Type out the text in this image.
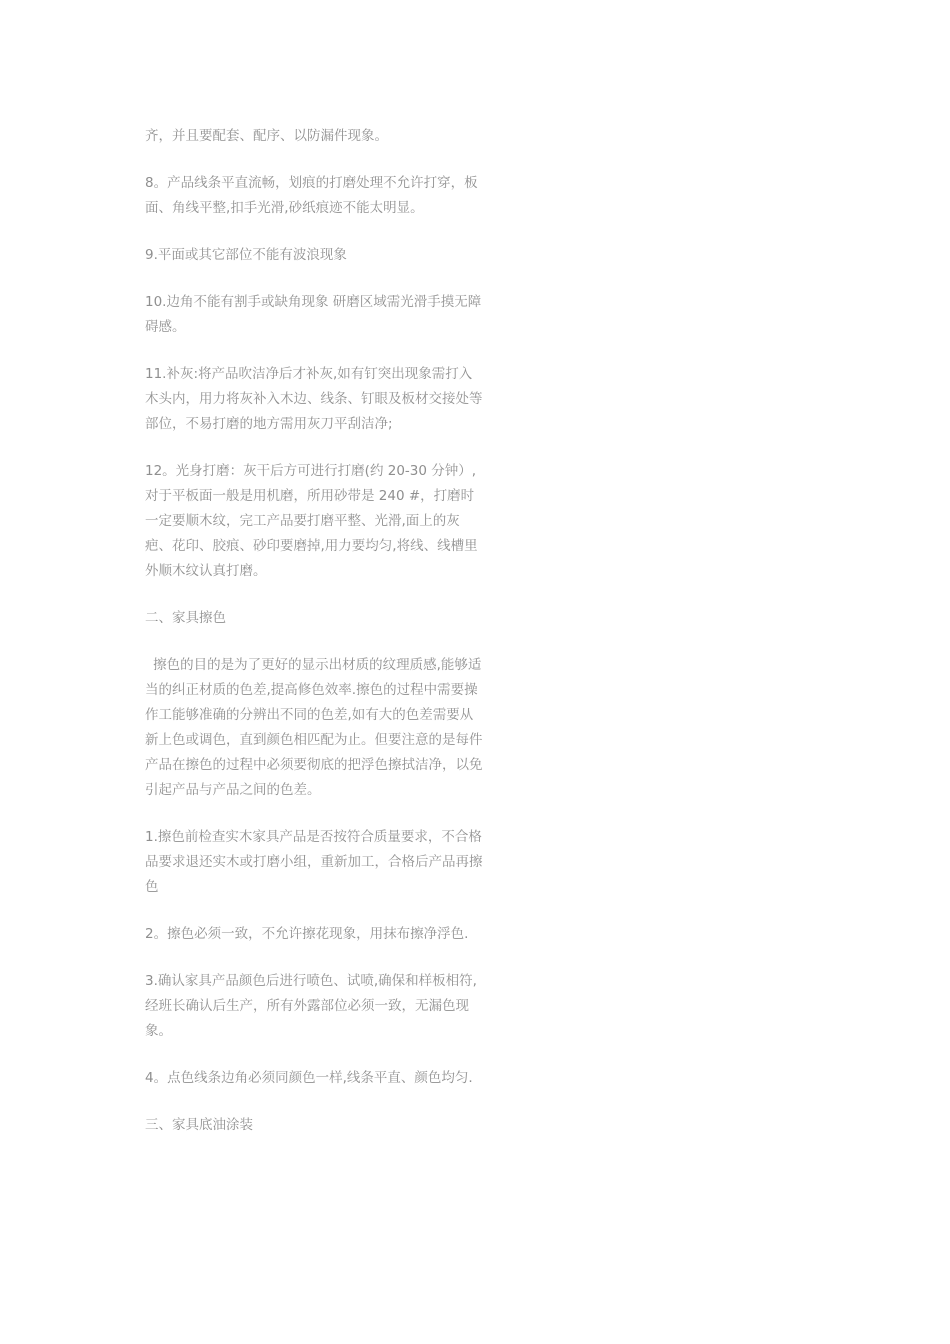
齐，并且要配套、配序、以防漏件现象。

8。产品线条平直流畅，划痕的打磨处理不允许打穿，板面、角线平整,扣手光滑,砂纸痕迹不能太明显。

9.平面或其它部位不能有波浪现象

10.边角不能有割手或缺角现象 研磨区域需光滑手摸无障碍感。

11.补灰:将产品吹洁净后才补灰,如有钉突出现象需打入木头内，用力将灰补入木边、线条、钉眼及板材交接处等部位，不易打磨的地方需用灰刀平刮洁净;

12。光身打磨：灰干后方可进行打磨(约 20-30 分钟）,对于平板面一般是用机磨，所用砂带是 240 #，打磨时一定要顺木纹，完工产品要打磨平整、光滑,面上的灰疤、花印、胶痕、砂印要磨掉,用力要均匀,将线、线槽里外顺木纹认真打磨。

二、家具擦色

擦色的目的是为了更好的显示出材质的纹理质感,能够适当的纠正材质的色差,提高修色效率.擦色的过程中需要操作工能够准确的分辨出不同的色差,如有大的色差需要从新上色或调色，直到颜色相匹配为止。但要注意的是每件产品在擦色的过程中必须要彻底的把浮色擦拭洁净，以免引起产品与产品之间的色差。

1.擦色前检查实木家具产品是否按符合质量要求，不合格品要求退还实木或打磨小组，重新加工，合格后产品再擦色

2。擦色必须一致，不允许擦花现象，用抹布擦净浮色.

3.确认家具产品颜色后进行喷色、试喷,确保和样板相符,经班长确认后生产，所有外露部位必须一致，无漏色现象。

4。点色线条边角必须同颜色一样,线条平直、颜色均匀.

三、家具底油涂装
